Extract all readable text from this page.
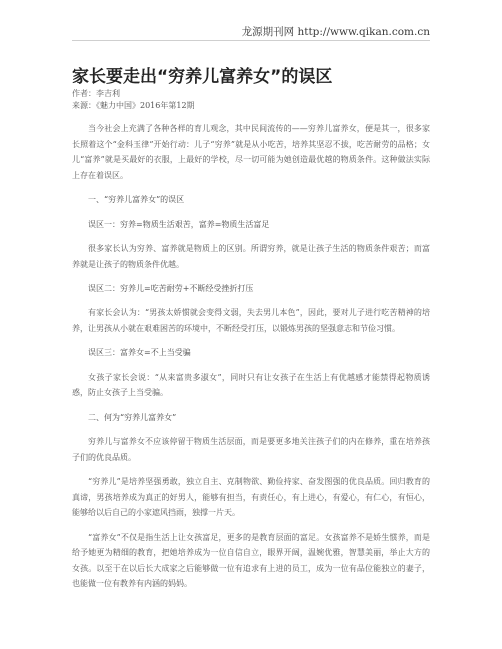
龙源期刊网 http://www.qikan.com.cn
家长要走出“穷养儿富养女”的误区
作者：李吉利
来源：《魅力中国》2016年第12期

当今社会上充满了各种各样的育儿观念，其中民间流传的——穷养儿富养女，便是其一，很多家长照着这个“金科玉律”开始行动：儿子“穷养”就是从小吃苦，培养其坚忍不拔，吃苦耐劳的品格；女儿“富养”就是买最好的衣服，上最好的学校，尽一切可能为她创造最优越的物质条件。这种做法实际上存在着误区。

一、“穷养儿富养女”的误区

误区一：穷养=物质生活艰苦，富养=物质生活富足

很多家长认为穷养、富养就是物质上的区别。所谓穷养，就是让孩子生活的物质条件艰苦；而富养就是让孩子的物质条件优越。

误区二：穷养儿=吃苦耐劳+不断经受挫折打压

有家长会认为：“男孩太娇惯就会变得文弱，失去男儿本色”，因此，要对儿子进行吃苦精神的培养，让男孩从小就在艰难困苦的环境中，不断经受打压，以锻炼男孩的坚强意志和节俭习惯。

误区三：富养女=不上当受骗

女孩子家长会说：“从来富贵多淑女”，同时只有让女孩子在生活上有优越感才能禁得起物质诱惑，防止女孩子上当受骗。

二、何为“穷养儿富养女”

穷养儿与富养女不应该停留于物质生活层面，而是要更多地关注孩子们的内在修养，重在培养孩子们的优良品质。

“穷养儿”是培养坚强勇敢，独立自主、克制物欲、勤俭持家、奋发图强的优良品质。回归教育的真谛，男孩培养成为真正的好男人，能够有担当，有责任心，有上进心，有爱心，有仁心，有恒心，能够给以后自己的小家遮风挡雨，独撑一片天。

“富养女”不仅是指生活上让女孩富足，更多的是教育层面的富足。女孩富养不是娇生惯养，而是给予她更为精细的教育，把她培养成为一位自信自立，眼界开阔，温婉优雅，智慧美丽，举止大方的女孩。以至于在以后长大成家之后能够做一位有追求有上进的员工，成为一位有品位能独立的妻子，也能做一位有教养有内涵的妈妈。
